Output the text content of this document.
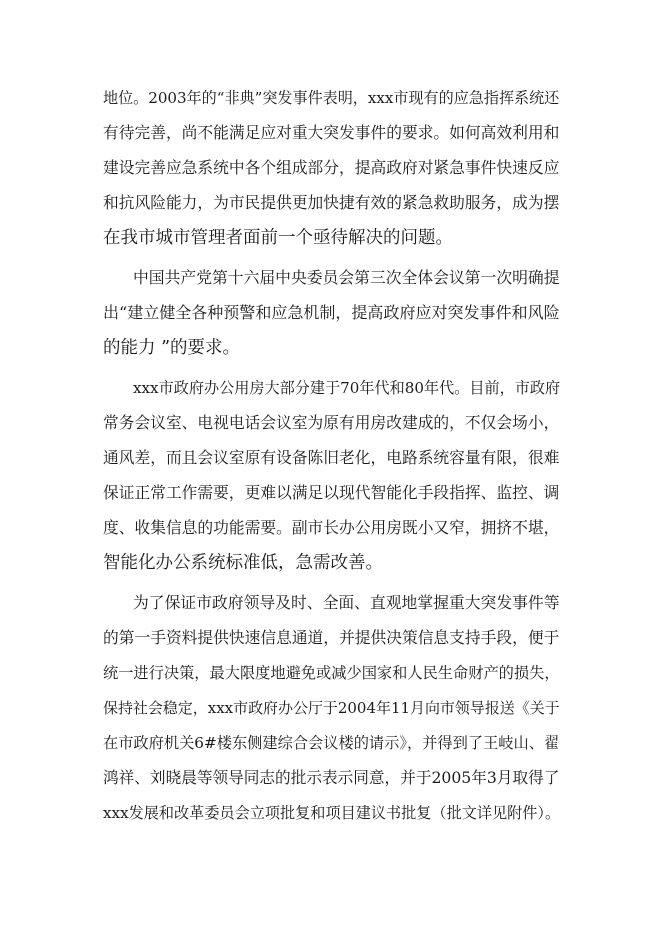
地位。2003年的“非典”突发事件表明，xxx市现有的应急指挥系统还
有待完善，尚不能满足应对重大突发事件的要求。如何高效利用和
建设完善应急系统中各个组成部分，提高政府对紧急事件快速反应
和抗风险能力，为市民提供更加快捷有效的紧急救助服务，成为摆
在我市城市管理者面前一个亟待解决的问题。
中国共产党第十六届中央委员会第三次全体会议第一次明确提
出“建立健全各种预警和应急机制，提高政府应对突发事件和风险
的能力 ”的要求。
xxx市政府办公用房大部分建于70年代和80年代。目前，市政府
常务会议室、电视电话会议室为原有用房改建成的，不仅会场小，
通风差，而且会议室原有设备陈旧老化，电路系统容量有限，很难
保证正常工作需要，更难以满足以现代智能化手段指挥、监控、调
度、收集信息的功能需要。副市长办公用房既小又窄，拥挤不堪，
智能化办公系统标准低，急需改善。
为了保证市政府领导及时、全面、直观地掌握重大突发事件等
的第一手资料提供快速信息通道，并提供决策信息支持手段，便于
统一进行决策，最大限度地避免或减少国家和人民生命财产的损失，
保持社会稳定，xxx市政府办公厅于2004年11月向市领导报送《关于
在市政府机关6#楼东侧建综合会议楼的请示》，并得到了王岐山、翟
鸿祥、刘晓晨等领导同志的批示表示同意，并于2005年3月取得了
xxx发展和改革委员会立项批复和项目建议书批复（批文详见附件）。
